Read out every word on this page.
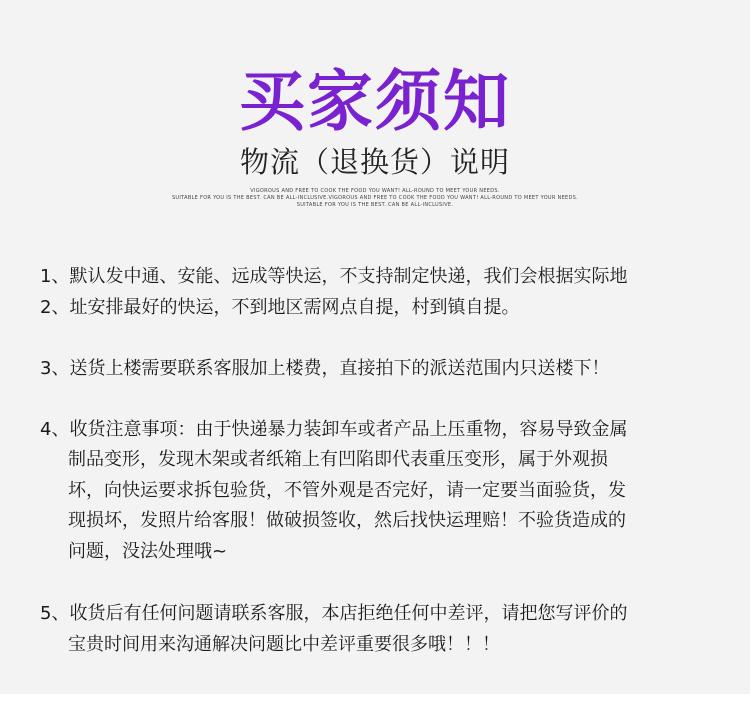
买家须知
物流（退换货）说明
VIGOROUS AND FREE TO COOK THE FOOD YOU WANT! ALL-ROUND TO MEET YOUR NEEDS.
SUITABLE FOR YOU IS THE BEST. CAN BE ALL-INCLUSIVE.VIGOROUS AND FREE TO COOK THE FOOD YOU WANT! ALL-ROUND TO MEET YOUR NEEDS.
SUITABLE FOR YOU IS THE BEST. CAN BE ALL-INCLUSIVE.
1、默认发中通、安能、远成等快运，不支持制定快递，我们会根据实际地
2、址安排最好的快运，不到地区需网点自提，村到镇自提。
3、送货上楼需要联系客服加上楼费，直接拍下的派送范围内只送楼下！
4、收货注意事项：由于快递暴力装卸车或者产品上压重物，容易导致金属
制品变形，发现木架或者纸箱上有凹陷即代表重压变形，属于外观损
坏，向快运要求拆包验货，不管外观是否完好，请一定要当面验货，发
现损坏，发照片给客服！做破损签收，然后找快运理赔！不验货造成的
问题，没法处理哦~
5、收货后有任何问题请联系客服，本店拒绝任何中差评，请把您写评价的
宝贵时间用来沟通解决问题比中差评重要很多哦！！！
